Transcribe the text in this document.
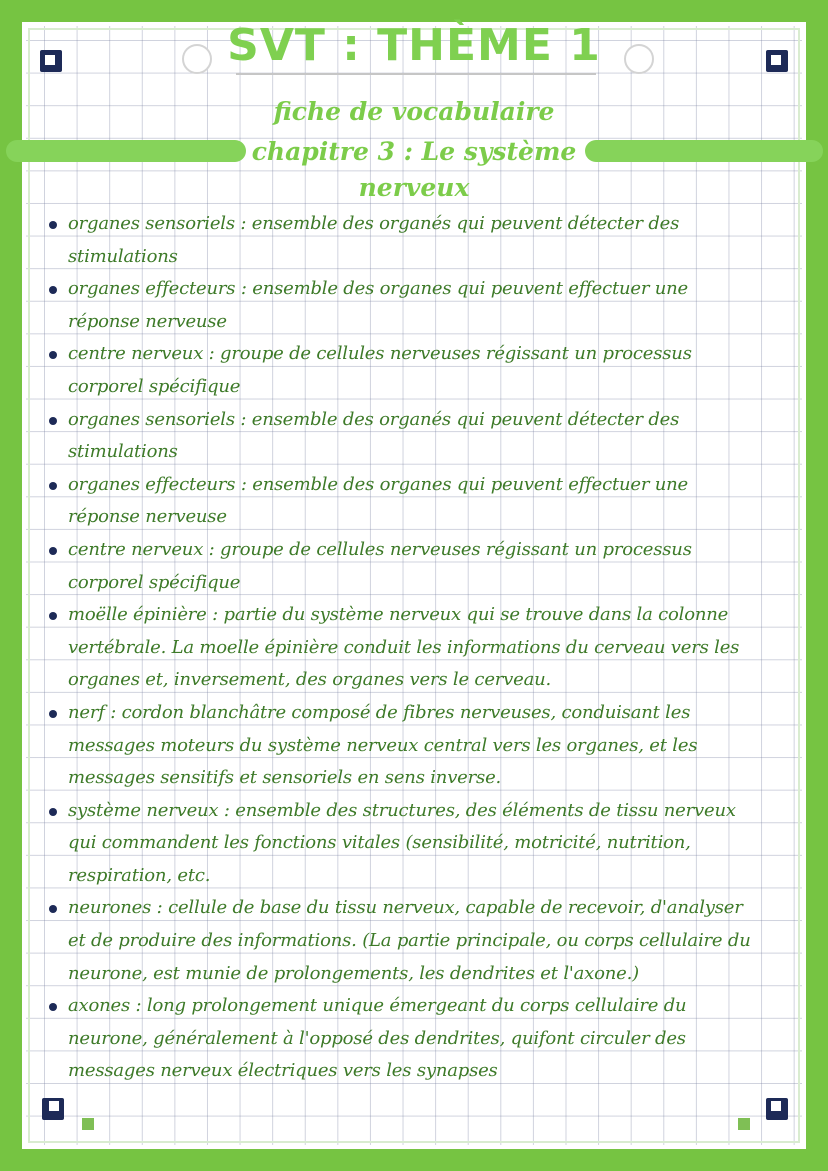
SVT : THÈME 1

fiche de vocabulaire

chapitre 3 : Le système

nerveux

organes sensoriels : ensemble des organés qui peuvent détecter des stimulations
organes effecteurs : ensemble des organes qui peuvent effectuer une réponse nerveuse
centre nerveux : groupe de cellules nerveuses régissant un processus corporel spécifique
organes sensoriels : ensemble des organés qui peuvent détecter des stimulations
organes effecteurs : ensemble des organes qui peuvent effectuer une réponse nerveuse
centre nerveux : groupe de cellules nerveuses régissant un processus corporel spécifique
moëlle épinière : partie du système nerveux qui se trouve dans la colonne vertébrale. La moelle épinière conduit les informations du cerveau vers les organes et, inversement, des organes vers le cerveau.
nerf : cordon blanchâtre composé de fibres nerveuses, conduisant les messages moteurs du système nerveux central vers les organes, et les messages sensitifs et sensoriels en sens inverse.
système nerveux : ensemble des structures, des éléments de tissu nerveux qui commandent les fonctions vitales (sensibilité, motricité, nutrition, respiration, etc.
neurones : cellule de base du tissu nerveux, capable de recevoir, d'analyser et de produire des informations. (La partie principale, ou corps cellulaire du neurone, est munie de prolongements, les dendrites et l'axone.)
axones : long prolongement unique émergeant du corps cellulaire du neurone, généralement à l'opposé des dendrites, quifont circuler des messages nerveux électriques vers les synapses
